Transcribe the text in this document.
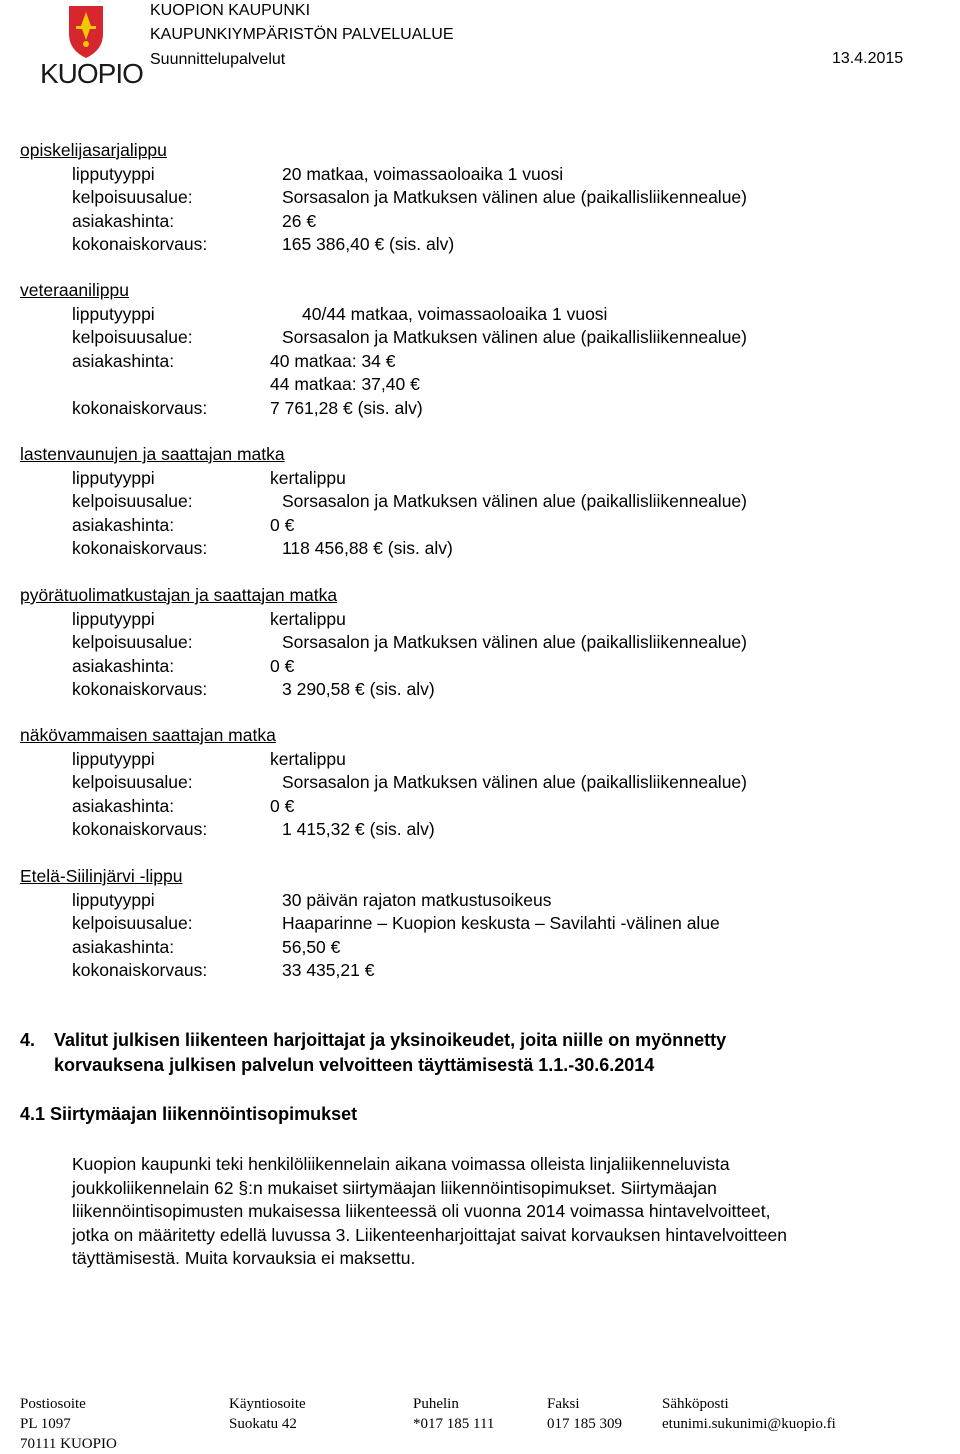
KUOPIO
KUOPION KAUPUNKI
KAUPUNKIYMPÄRISTÖN PALVELUALUE
Suunnittelupalvelut	13.4.2015
opiskelijasarjalippu
lipputyyppi	20 matkaa, voimassaoloaika 1 vuosi
kelpoisuusalue:	Sorsasalon ja Matkuksen välinen alue (paikallisliikennealue)
asiakashinta:	26 €
kokonaiskorvaus:	165 386,40 € (sis. alv)
veteraanilippu
lipputyyppi	40/44 matkaa, voimassaoloaika 1 vuosi
kelpoisuusalue:	Sorsasalon ja Matkuksen välinen alue (paikallisliikennealue)
asiakashinta:	40 matkaa: 34 €
44 matkaa: 37,40 €
kokonaiskorvaus:	7 761,28 € (sis. alv)
lastenvaunujen ja saattajan matka
lipputyyppi	kertalippu
kelpoisuusalue:	Sorsasalon ja Matkuksen välinen alue (paikallisliikennealue)
asiakashinta:	0 €
kokonaiskorvaus:	118 456,88 € (sis. alv)
pyörätuolimatkustajan ja saattajan matka
lipputyyppi	kertalippu
kelpoisuusalue:	Sorsasalon ja Matkuksen välinen alue (paikallisliikennealue)
asiakashinta:	0 €
kokonaiskorvaus:	3 290,58 € (sis. alv)
näkövammaisen saattajan matka
lipputyyppi	kertalippu
kelpoisuusalue:	Sorsasalon ja Matkuksen välinen alue (paikallisliikennealue)
asiakashinta:	0 €
kokonaiskorvaus:	1 415,32 € (sis. alv)
Etelä-Siilinjärvi -lippu
lipputyyppi	30 päivän rajaton matkustusoikeus
kelpoisuusalue:	Haaparinne – Kuopion keskusta – Savilahti -välinen alue
asiakashinta:	56,50 €
kokonaiskorvaus:	33 435,21 €
4. Valitut julkisen liikenteen harjoittajat ja yksinoikeudet, joita niille on myönnetty
korvauksena julkisen palvelun velvoitteen täyttämisestä 1.1.-30.6.2014
4.1 Siirtymäajan liikennöintisopimukset
Kuopion kaupunki teki henkilöliikennelain aikana voimassa olleista linjaliikenneluvista
joukkoliikennelain 62 §:n mukaiset siirtymäajan liikennöintisopimukset. Siirtymäajan
liikennöintisopimusten mukaisessa liikenteessä oli vuonna 2014 voimassa hintavelvoitteet,
jotka on määritetty edellä luvussa 3. Liikenteenharjoittajat saivat korvauksen hintavelvoitteen
täyttämisestä. Muita korvauksia ei maksettu.
Postiosoite
PL 1097
70111 KUOPIO
Käyntiosoite
Suokatu 42
Puhelin
*017 185 111
Faksi
017 185 309
Sähköposti
etunimi.sukunimi@kuopio.fi
